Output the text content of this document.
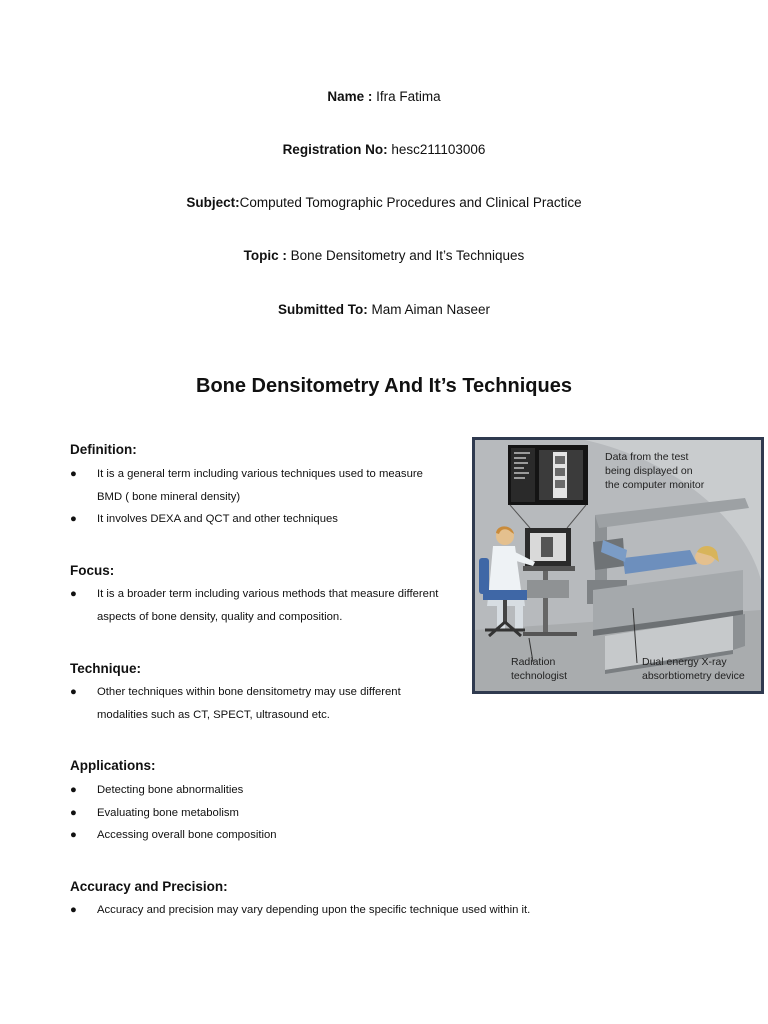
Name : Ifra Fatima
Registration No: hesc211103006
Subject:Computed Tomographic Procedures and Clinical Practice
Topic : Bone Densitometry and It’s Techniques
Submitted To: Mam Aiman Naseer
Bone Densitometry And It’s Techniques
Definition:
●	It is a general term including various techniques used to measure BMD ( bone mineral density)
●	It involves DEXA and QCT and other techniques
Focus:
●	It is a broader term including various methods that measure different aspects of bone density, quality and composition.
Technique:
●	Other techniques within bone densitometry may use different modalities such as CT, SPECT, ultrasound etc.
Applications:
●	Detecting bone abnormalities
●	Evaluating bone metabolism
●	Accessing overall bone composition
Accuracy and Precision:
●	Accuracy and precision may vary depending upon the specific technique used within it.
Data from the test
being displayed on
the computer monitor
Radiation
technologist
Dual energy X-ray
absorbtiometry device
